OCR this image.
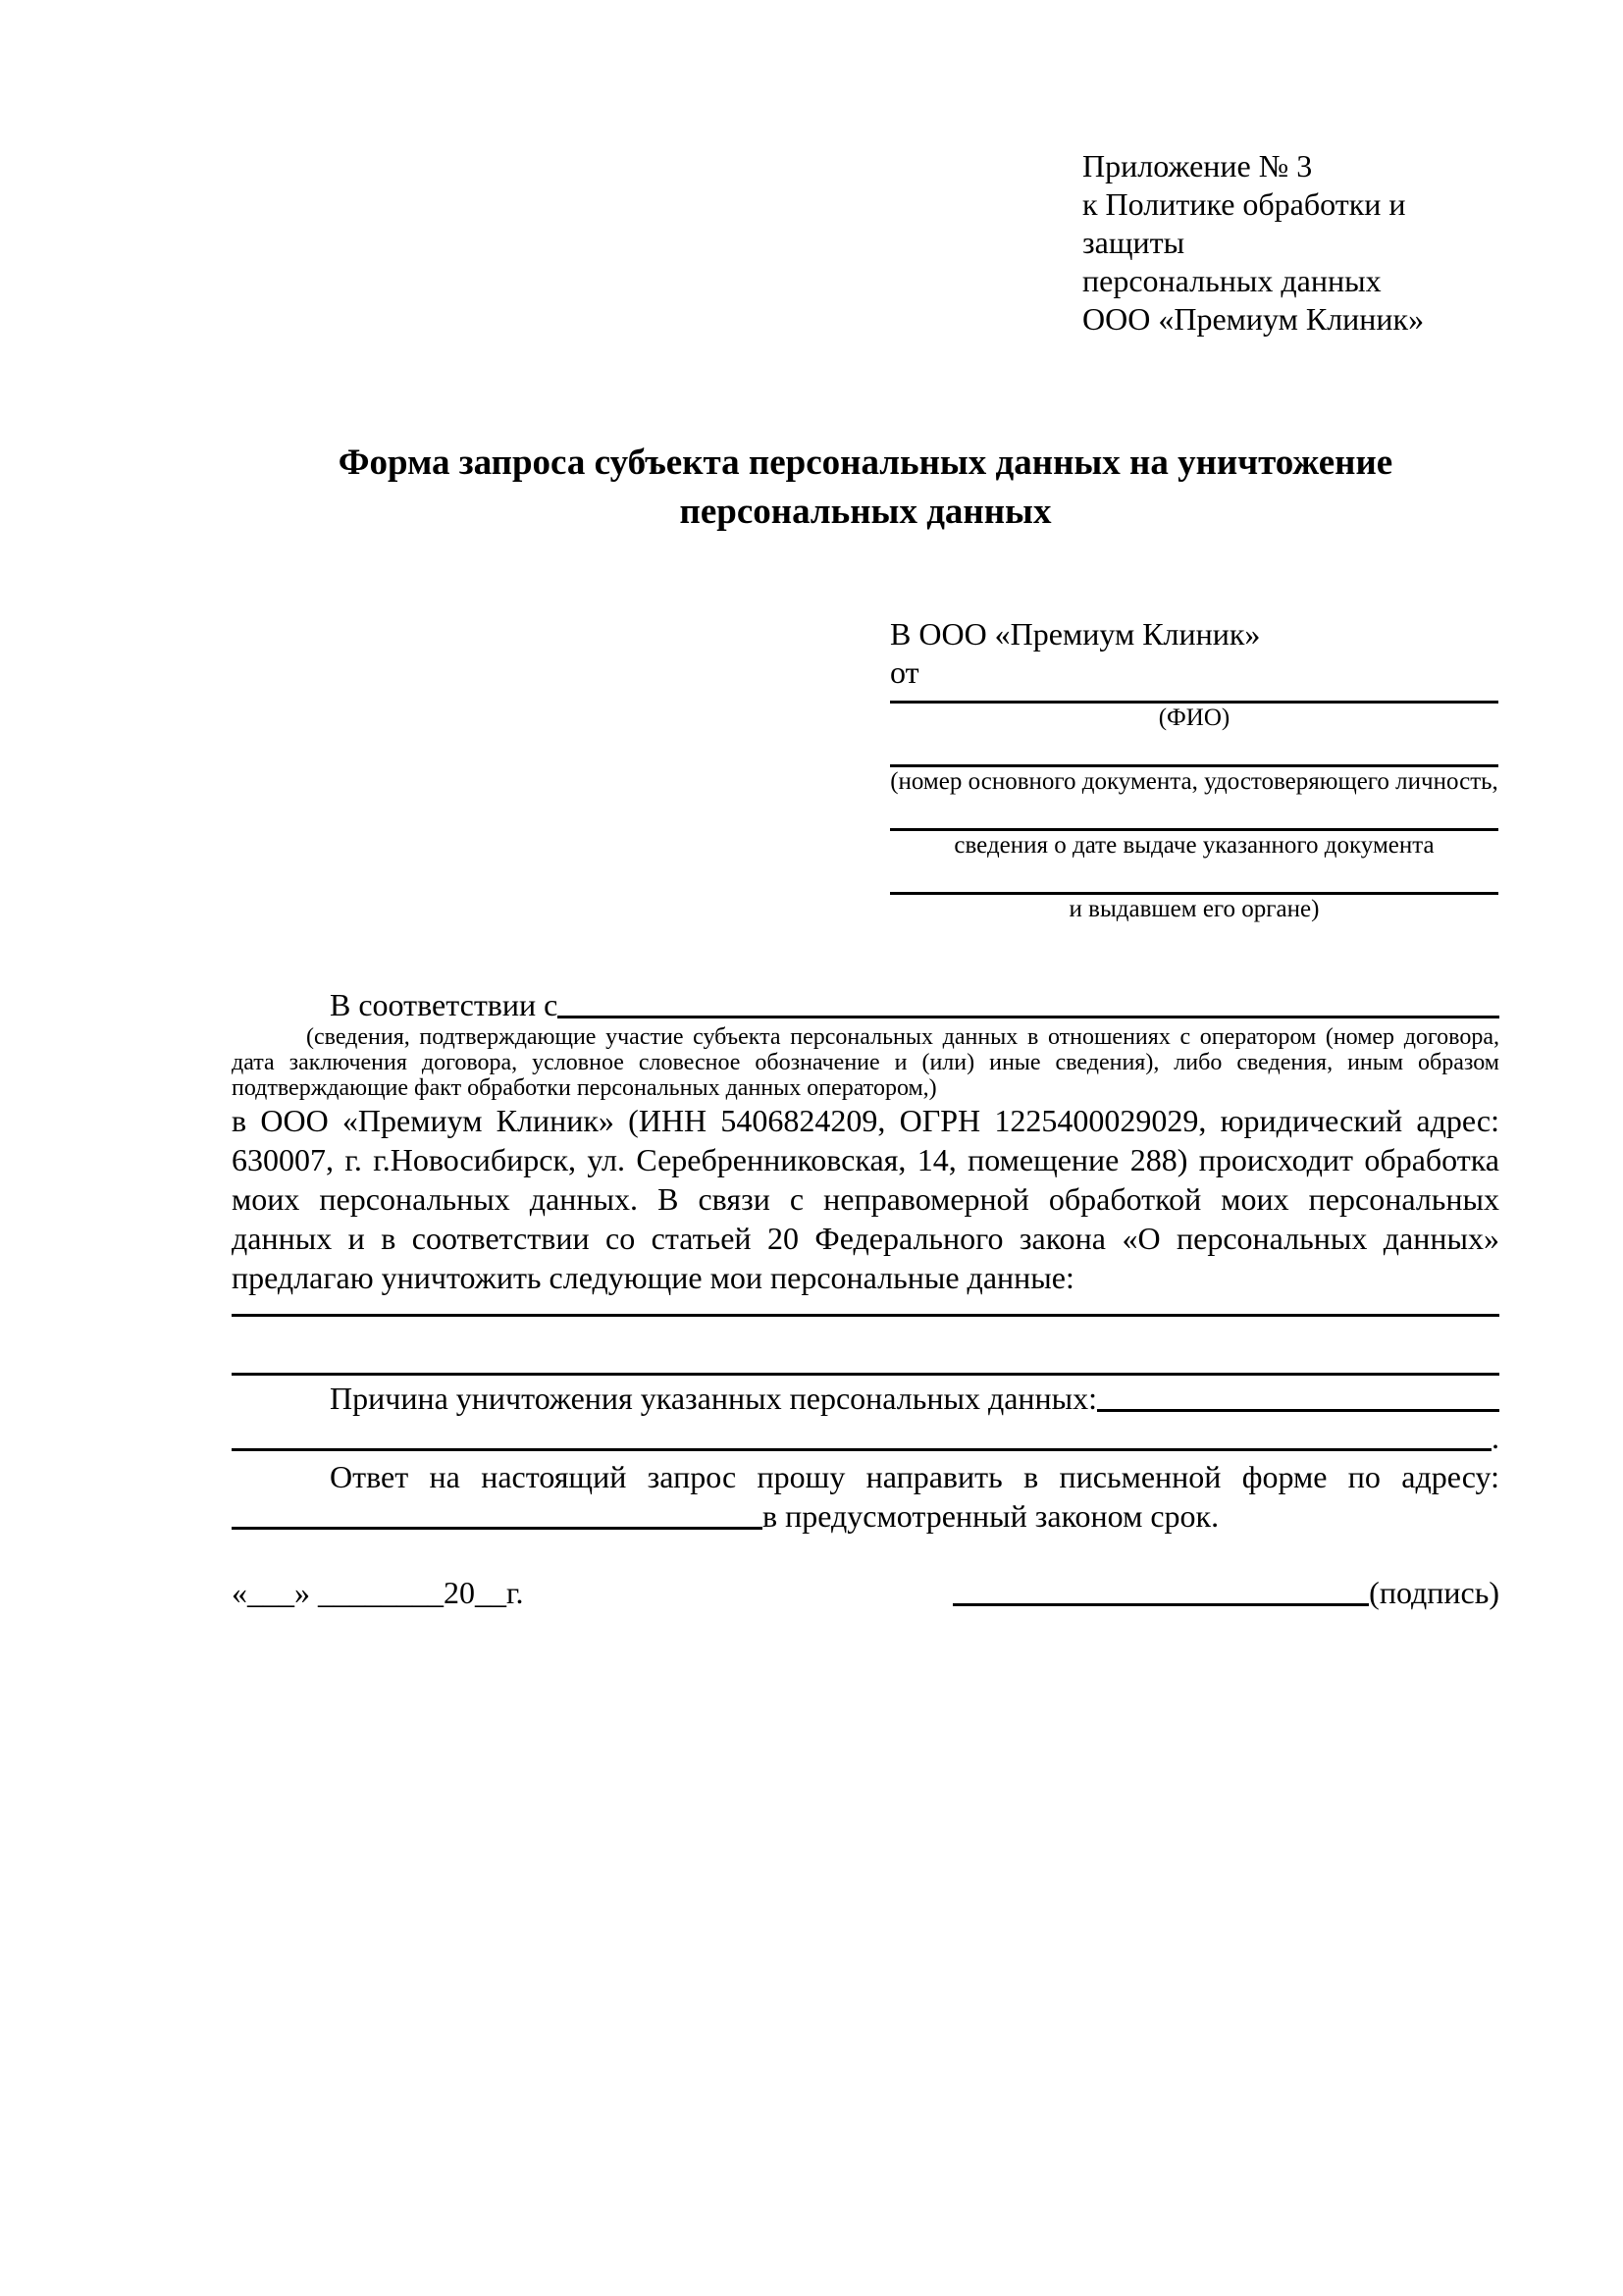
Приложение № 3
к Политике обработки и защиты
персональных данных
ООО «Премиум Клиник»
Форма запроса субъекта персональных данных на уничтожение
персональных данных
В ООО «Премиум Клиник»
от
(ФИО)
(номер основного документа, удостоверяющего личность,
сведения о дате выдаче указанного документа
и выдавшем его органе)
В соответствии с
(сведения, подтверждающие участие субъекта персональных данных в отношениях с оператором (номер договора, дата заключения договора, условное словесное обозначение и (или) иные сведения), либо сведения, иным образом подтверждающие факт обработки персональных данных оператором,)
в ООО «Премиум Клиник» (ИНН 5406824209, ОГРН 1225400029029, юридический адрес: 630007, г. г.Новосибирск, ул. Серебренниковская, 14, помещение 288) происходит обработка моих персональных данных. В связи с неправомерной обработкой моих персональных данных и в соответствии со статьей 20 Федерального закона «О персональных данных» предлагаю уничтожить следующие мои персональные данные:
Причина уничтожения указанных персональных данных:
.
Ответ на настоящий запрос прошу направить в письменной форме по адресу:
в предусмотренный законом срок.
«___» ________20__г.	(подпись)
